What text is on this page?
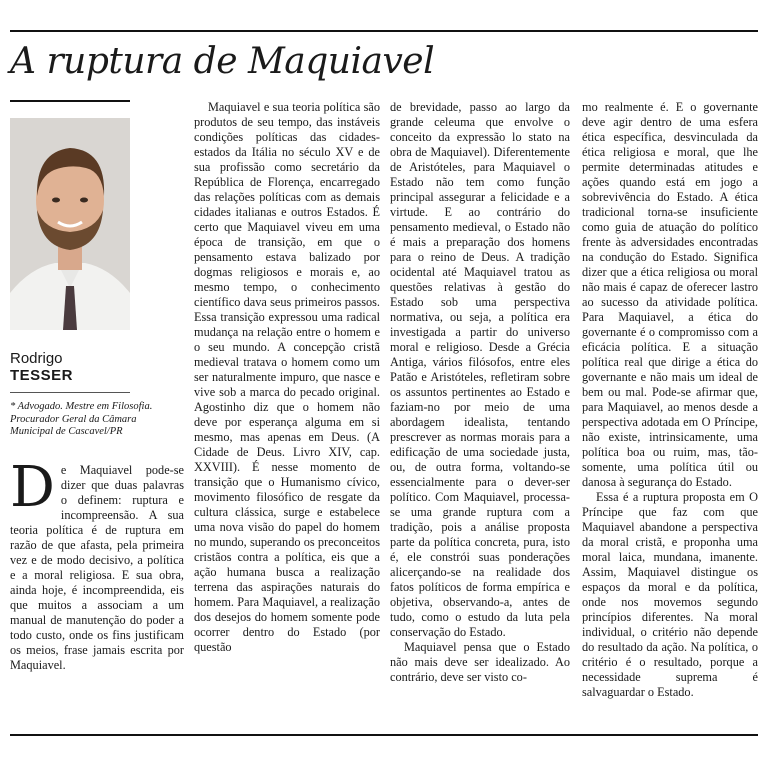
A ruptura de Maquiavel
Rodrigo
TESSER
* Advogado. Mestre em Filosofia. Procurador Geral da Câmara Municipal de Cascavel/PR
D e Maquiavel pode-se dizer que duas palavras o definem: ruptura e incompreensão. A sua teoria política é de ruptura em razão de que afasta, pela primeira vez e de modo decisivo, a política e a moral religiosa. E sua obra, ainda hoje, é incompreendida, eis que muitos a associam a um manual de manutenção do poder a todo custo, onde os fins justificam os meios, frase jamais escrita por Maquiavel.

Maquiavel e sua teoria política são produtos de seu tempo, das instáveis condições políticas das cidades-estados da Itália no século XV e de sua profissão como secretário da República de Florença, encarregado das relações políticas com as demais cidades italianas e outros Estados. É certo que Maquiavel viveu em uma época de transição, em que o pensamento estava balizado por dogmas religiosos e morais e, ao mesmo tempo, o conhecimento científico dava seus primeiros passos. Essa transição expressou uma radical mudança na relação entre o homem e o seu mundo. A concepção cristã medieval tratava o homem como um ser naturalmente impuro, que nasce e vive sob a marca do pecado original. Agostinho diz que o homem não deve por esperança alguma em si mesmo, mas apenas em Deus. (A Cidade de Deus. Livro XIV, cap. XXVIII). É nesse momento de transição que o Humanismo cívico, movimento filosófico de resgate da cultura clássica, surge e estabelece uma nova visão do papel do homem no mundo, superando os preconceitos cristãos contra a política, eis que a ação humana busca a realização terrena das aspirações naturais do homem. Para Maquiavel, a realização dos desejos do homem somente pode ocorrer dentro do Estado (por questão

de brevidade, passo ao largo da grande celeuma que envolve o conceito da expressão lo stato na obra de Maquiavel). Diferentemente de Aristóteles, para Maquiavel o Estado não tem como função principal assegurar a felicidade e a virtude. E ao contrário do pensamento medieval, o Estado não é mais a preparação dos homens para o reino de Deus. A tradição ocidental até Maquiavel tratou as questões relativas à gestão do Estado sob uma perspectiva normativa, ou seja, a política era investigada a partir do universo moral e religioso. Desde a Grécia Antiga, vários filósofos, entre eles Patão e Aristóteles, refletiram sobre os assuntos pertinentes ao Estado e faziam-no por meio de uma abordagem idealista, tentando prescrever as normas morais para a edificação de uma sociedade justa, ou, de outra forma, voltando-se essencialmente para o dever-ser político. Com Maquiavel, processa-se uma grande ruptura com a tradição, pois a análise proposta parte da política concreta, pura, isto é, ele constrói suas ponderações alicerçando-se na realidade dos fatos políticos de forma empírica e objetiva, observando-a, antes de tudo, como o estudo da luta pela conservação do Estado.

Maquiavel pensa que o Estado não mais deve ser idealizado. Ao contrário, deve ser visto co-

mo realmente é. E o governante deve agir dentro de uma esfera ética específica, desvinculada da ética religiosa e moral, que lhe permite determinadas atitudes e ações quando está em jogo a sobrevivência do Estado. A ética tradicional torna-se insuficiente como guia de atuação do político frente às adversidades encontradas na condução do Estado. Significa dizer que a ética religiosa ou moral não mais é capaz de oferecer lastro ao sucesso da atividade política. Para Maquiavel, a ética do governante é o compromisso com a eficácia política. E a situação política real que dirige a ética do governante e não mais um ideal de bem ou mal. Pode-se afirmar que, para Maquiavel, ao menos desde a perspectiva adotada em O Príncipe, não existe, intrinsicamente, uma política boa ou ruim, mas, tão-somente, uma política útil ou danosa à segurança do Estado.

Essa é a ruptura proposta em O Príncipe que faz com que Maquiavel abandone a perspectiva da moral cristã, e proponha uma moral laica, mundana, imanente. Assim, Maquiavel distingue os espaços da moral e da política, onde nos movemos segundo princípios diferentes. Na moral individual, o critério não depende do resultado da ação. Na política, o critério é o resultado, porque a necessidade suprema é salvaguardar o Estado.
